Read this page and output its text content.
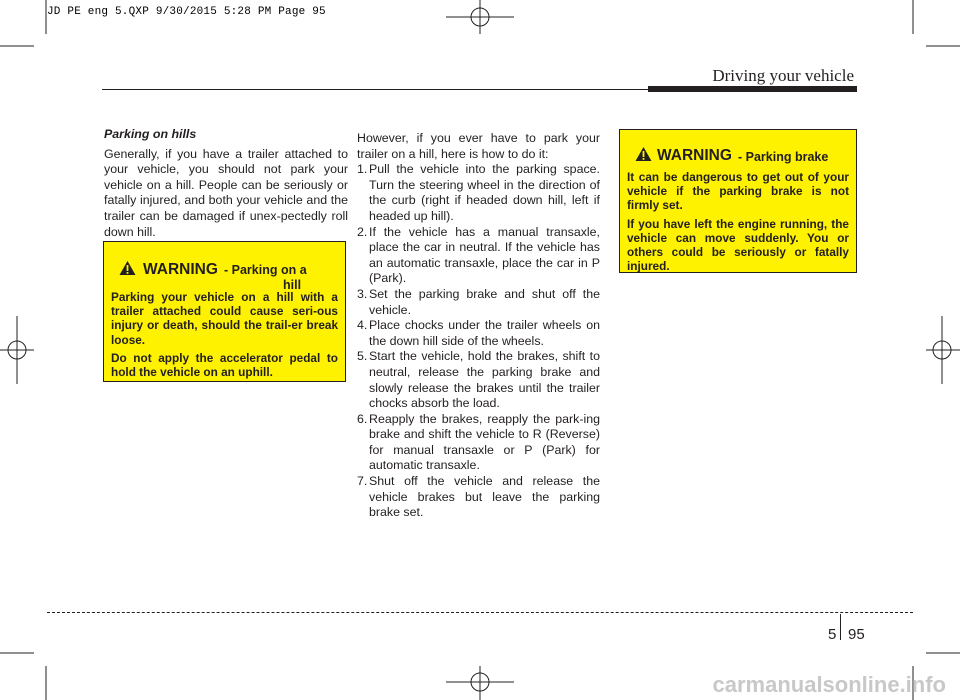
JD PE eng 5.QXP 9/30/2015 5:28 PM Page 95
Driving your vehicle
Parking on hills

Generally, if you have a trailer attached to your vehicle, you should not park your vehicle on a hill. People can be seriously or fatally injured, and both your vehicle and the trailer can be damaged if unex-pectedly roll down hill.

WARNING - Parking on a
hill

Parking your vehicle on a hill with a trailer attached could cause seri-ous injury or death, should the trail-er break loose.

Do not apply the accelerator pedal to hold the vehicle on an uphill.

However, if you ever have to park your trailer on a hill, here is how to do it:

1. Pull the vehicle into the parking space. Turn the steering wheel in the direction of the curb (right if headed down hill, left if headed up hill).
2. If the vehicle has a manual transaxle, place the car in neutral. If the vehicle has an automatic transaxle, place the car in P (Park).
3. Set the parking brake and shut off the vehicle.
4. Place chocks under the trailer wheels on the down hill side of the wheels.
5. Start the vehicle, hold the brakes, shift to neutral, release the parking brake and slowly release the brakes until the trailer chocks absorb the load.
6. Reapply the brakes, reapply the park-ing brake and shift the vehicle to R (Reverse) for manual transaxle or P (Park) for automatic transaxle.
7. Shut off the vehicle and release the vehicle brakes but leave the parking brake set.
WARNING - Parking brake

It can be dangerous to get out of your vehicle if the parking brake is not firmly set.

If you have left the engine running, the vehicle can move suddenly. You or others could be seriously or fatally injured.

5 95
carmanualsonline.info
